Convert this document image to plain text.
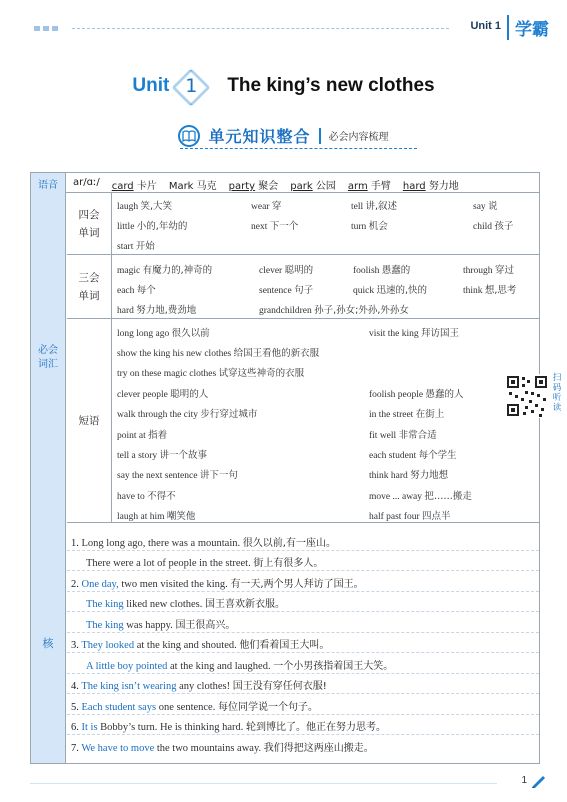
Unit 1 学霸
Unit 1	The king’s new clothes
单元知识整合 必会内容梳理
语音	ar/ɑː/ card 卡片 Mark 马克 party 聚会 park 公园 arm 手臂 hard 努力地
必会
词汇
四会
单词
laugh 笑,大笑	wear 穿	tell 讲,叙述	say 说
little 小的,年幼的	next 下一个	turn 机会	child 孩子
start 开始
三会
单词
magic 有魔力的,神奇的	clever 聪明的	foolish 愚蠢的	through 穿过
each 每个	sentence 句子	quick 迅速的,快的	think 想,思考
hard 努力地,费劲地	grandchildren 孙子,孙女;外孙,外孙女
短语
long long ago 很久以前	visit the king 拜访国王
show the king his new clothes 给国王看他的新衣服
try on these magic clothes 试穿这些神奇的衣服
clever people 聪明的人	foolish people 愚蠢的人
walk through the city 步行穿过城市	in the street 在街上
point at 指着	fit well 非常合适
tell a story 讲一个故事	each student 每个学生
say the next sentence 讲下一句	think hard 努力地想
have to 不得不	move ... away 把……搬走
laugh at him 嘲笑他	half past four 四点半
核
1. Long long ago, there was a mountain. 很久以前,有一座山。
There were a lot of people in the street. 街上有很多人。
2. One day, two men visited the king. 有一天,两个男人拜访了国王。
The king liked new clothes. 国王喜欢新衣服。
The king was happy. 国王很高兴。
3. They looked at the king and shouted. 他们看着国王大叫。
A little boy pointed at the king and laughed. 一个小男孩指着国王大笑。
4. The king isn’t wearing any clothes! 国王没有穿任何衣服!
5. Each student says one sentence. 每位同学说一个句子。
6. It is Bobby’s turn. He is thinking hard. 轮到博比了。他正在努力思考。
7. We have to move the two mountains away. 我们得把这两座山搬走。
扫码听读
1
